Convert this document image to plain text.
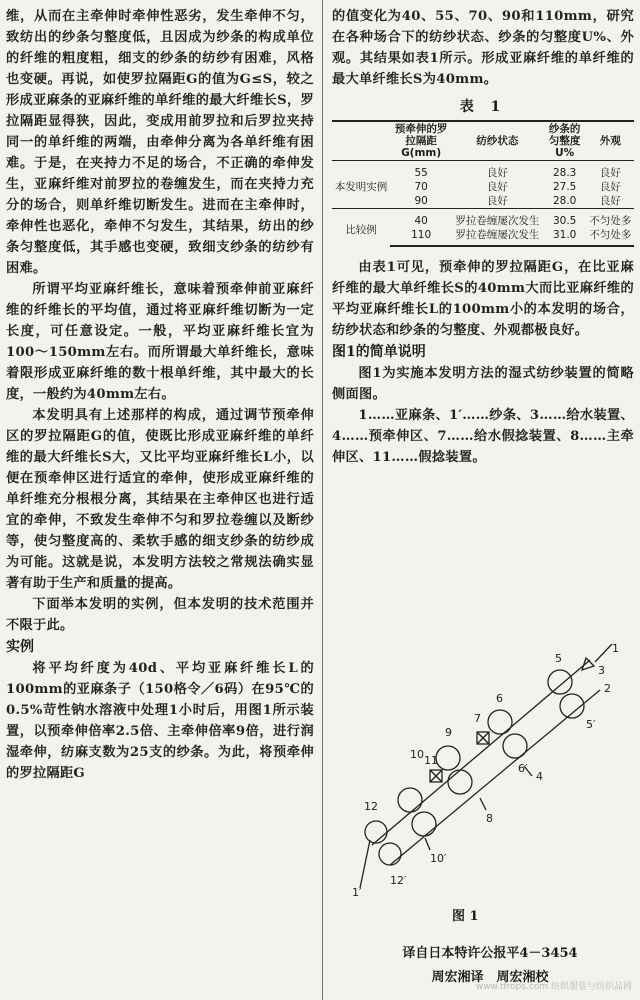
维，从而在主牵伸时牵伸性恶劣，发生牵伸不匀，致纺出的纱条匀整度低，且因成为纱条的构成单位的纤维的粗度粗，细支的纱条的纺纱有困难，风格也变硬。再说，如使罗拉隔距G的值为G≤S，较之形成亚麻条的亚麻纤维的单纤维的最大纤维长S，罗拉隔距显得狭，因此，变成用前罗拉和后罗拉夹持同一的单纤维的两端，由牵伸分离为各单纤维有困难。于是，在夹持力不足的场合，不正确的牵伸发生，亚麻纤维对前罗拉的卷缠发生，而在夹持力充分的场合，则单纤维切断发生。进而在主牵伸时，牵伸性也恶化，牵伸不匀发生，其结果，纺出的纱条匀整度低，其手感也变硬，致细支纱条的纺纱有困难。

所谓平均亚麻纤维长，意味着预牵伸前亚麻纤维的纤维长的平均值，通过将亚麻纤维切断为一定长度，可任意设定。一般，平均亚麻纤维长宜为100～150mm左右。而所谓最大单纤维长，意味着限形成亚麻纤维的数十根单纤维，其中最大的长度，一般约为40mm左右。

本发明具有上述那样的构成，通过调节预牵伸区的罗拉隔距G的值，使既比形成亚麻纤维的单纤维的最大纤维长S大，又比平均亚麻纤维长L小，以便在预牵伸区进行适宜的牵伸，使形成亚麻纤维的单纤维充分根根分离，其结果在主牵伸区也进行适宜的牵伸，不致发生牵伸不匀和罗拉卷缠以及断纱等，使匀整度高的、柔软手感的细支纱条的纺纱成为可能。这就是说，本发明方法较之常规法确实显著有助于生产和质量的提高。

下面举本发明的实例，但本发明的技术范围并不限于此。

实例

将平均纤度为40d、平均亚麻纤维长L的100mm的亚麻条子（150格令／6码）在95℃的0.5%苛性钠水溶液中处理1小时后，用图1所示装置，以预牵伸倍率2.5倍、主牵伸倍率9倍，进行润湿牵伸，纺麻支数为25支的纱条。为此，将预牵伸的罗拉隔距G

的值变化为40、55、70、90和110mm，研究在各种场合下的纺纱状态、纱条的匀整度U%、外观。其结果如表1所示。形成亚麻纤维的单纤维的最大单纤维长S为40mm。

表 1
	预牵伸的罗拉隔距G(mm)	纺纱状态	纱条的匀整度U%	外观
本发明实例	55	良好	28.3	良好
	70	良好	27.5	良好
	90	良好	28.0	良好
比较例	40	罗拉卷缠屡次发生	30.5	不匀处多
	110	罗拉卷缠屡次发生	31.0	不匀处多

由表1可见，预牵伸的罗拉隔距G，在比亚麻纤维的最大单纤维长S的40mm大而比亚麻纤维的平均亚麻纤维长L的100mm小的本发明的场合，纺纱状态和纱条的匀整度、外观都极良好。

图1的简单说明

图1为实施本发明方法的湿式纺纱装置的简略侧面图。

1……亚麻条、1′……纱条、3……给水装置、4……预牵伸区、7……给水假捻装置、8……主牵伸区、11……假捻装置。

1
3
2
5
5′
6
7
9
4
6′
10
8
12
11
1′
12′
10′
图 1
译自日本特许公报平4－3454
周宏湘译　周宏湘校
www.tfrops.com 纺织服装与纺织品网
